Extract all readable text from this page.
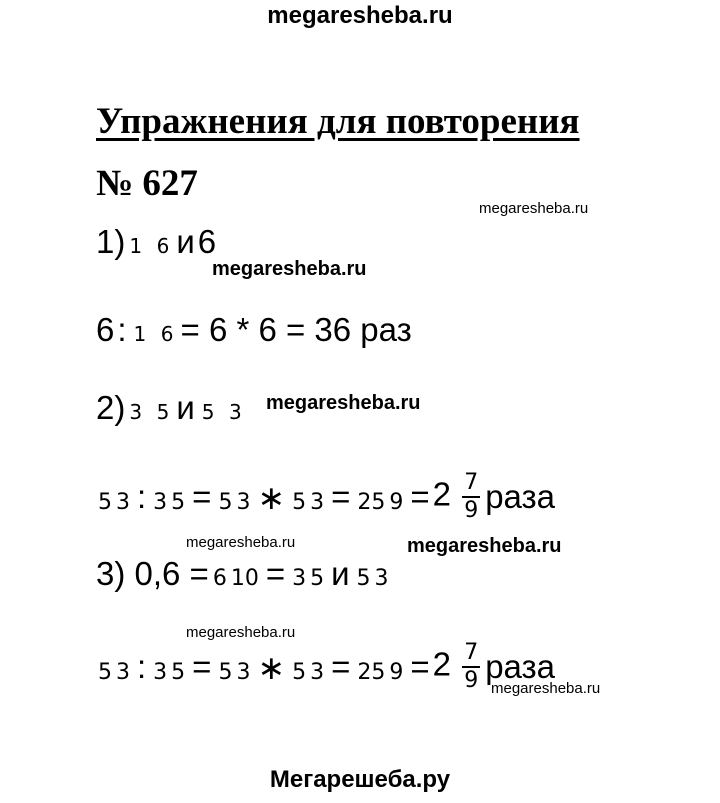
megaresheba.ru
Упражнения для повторения
№ 627
megaresheba.ru
megaresheba.ru
megaresheba.ru
megaresheba.ru	megaresheba.ru
megaresheba.ru
megaresheba.ru
1) 1 6 и 6
6 : 1 6 = 6 * 6 = 36 раз
2) 3 5 и 5 3
5 3 : 3 5 = 5 3 ∗ 5 3 = 25 $9 = 2 \frac{7}{9}$ раза
3) 0,6 = 6 10 = 3 5 и 5 3
5 3 : 3 5 = 5 3 ∗ 5 3 = 25 $9 = 2 \frac{7}{9}$ раза
Мегарешеба.ру
